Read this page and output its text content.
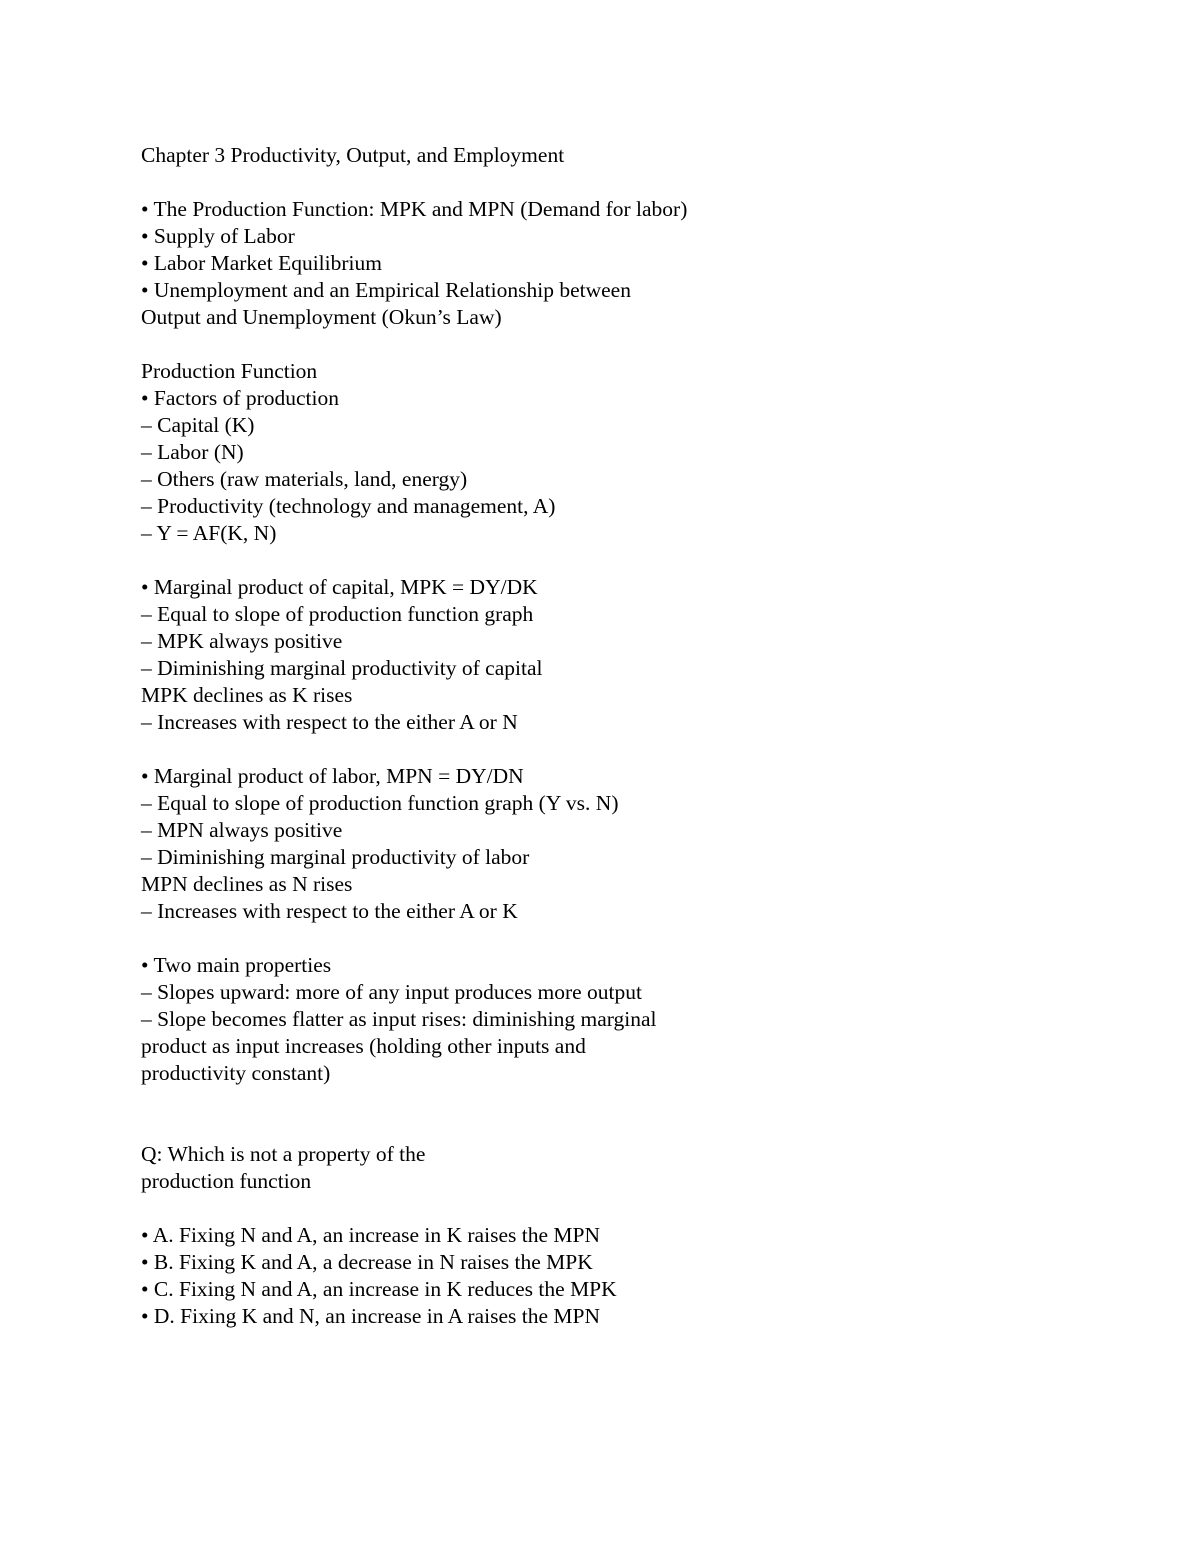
Chapter 3 Productivity, Output, and Employment
• The Production Function: MPK and MPN (Demand for labor)
• Supply of Labor
• Labor Market Equilibrium
• Unemployment and an Empirical Relationship between
Output and Unemployment (Okun’s Law)
Production Function
• Factors of production
– Capital (K)
– Labor (N)
– Others (raw materials, land, energy)
– Productivity (technology and management, A)
– Y = AF(K, N)
• Marginal product of capital, MPK = DY/DK
– Equal to slope of production function graph
– MPK always positive
– Diminishing marginal productivity of capital
MPK declines as K rises
– Increases with respect to the either A or N
• Marginal product of labor, MPN = DY/DN
– Equal to slope of production function graph (Y vs. N)
– MPN always positive
– Diminishing marginal productivity of labor
MPN declines as N rises
– Increases with respect to the either A or K
• Two main properties
– Slopes upward: more of any input produces more output
– Slope becomes flatter as input rises: diminishing marginal
product as input increases (holding other inputs and
productivity constant)
Q: Which is not a property of the
production function
• A. Fixing N and A, an increase in K raises the MPN
• B. Fixing K and A, a decrease in N raises the MPK
• C. Fixing N and A, an increase in K reduces the MPK
• D. Fixing K and N, an increase in A raises the MPN
